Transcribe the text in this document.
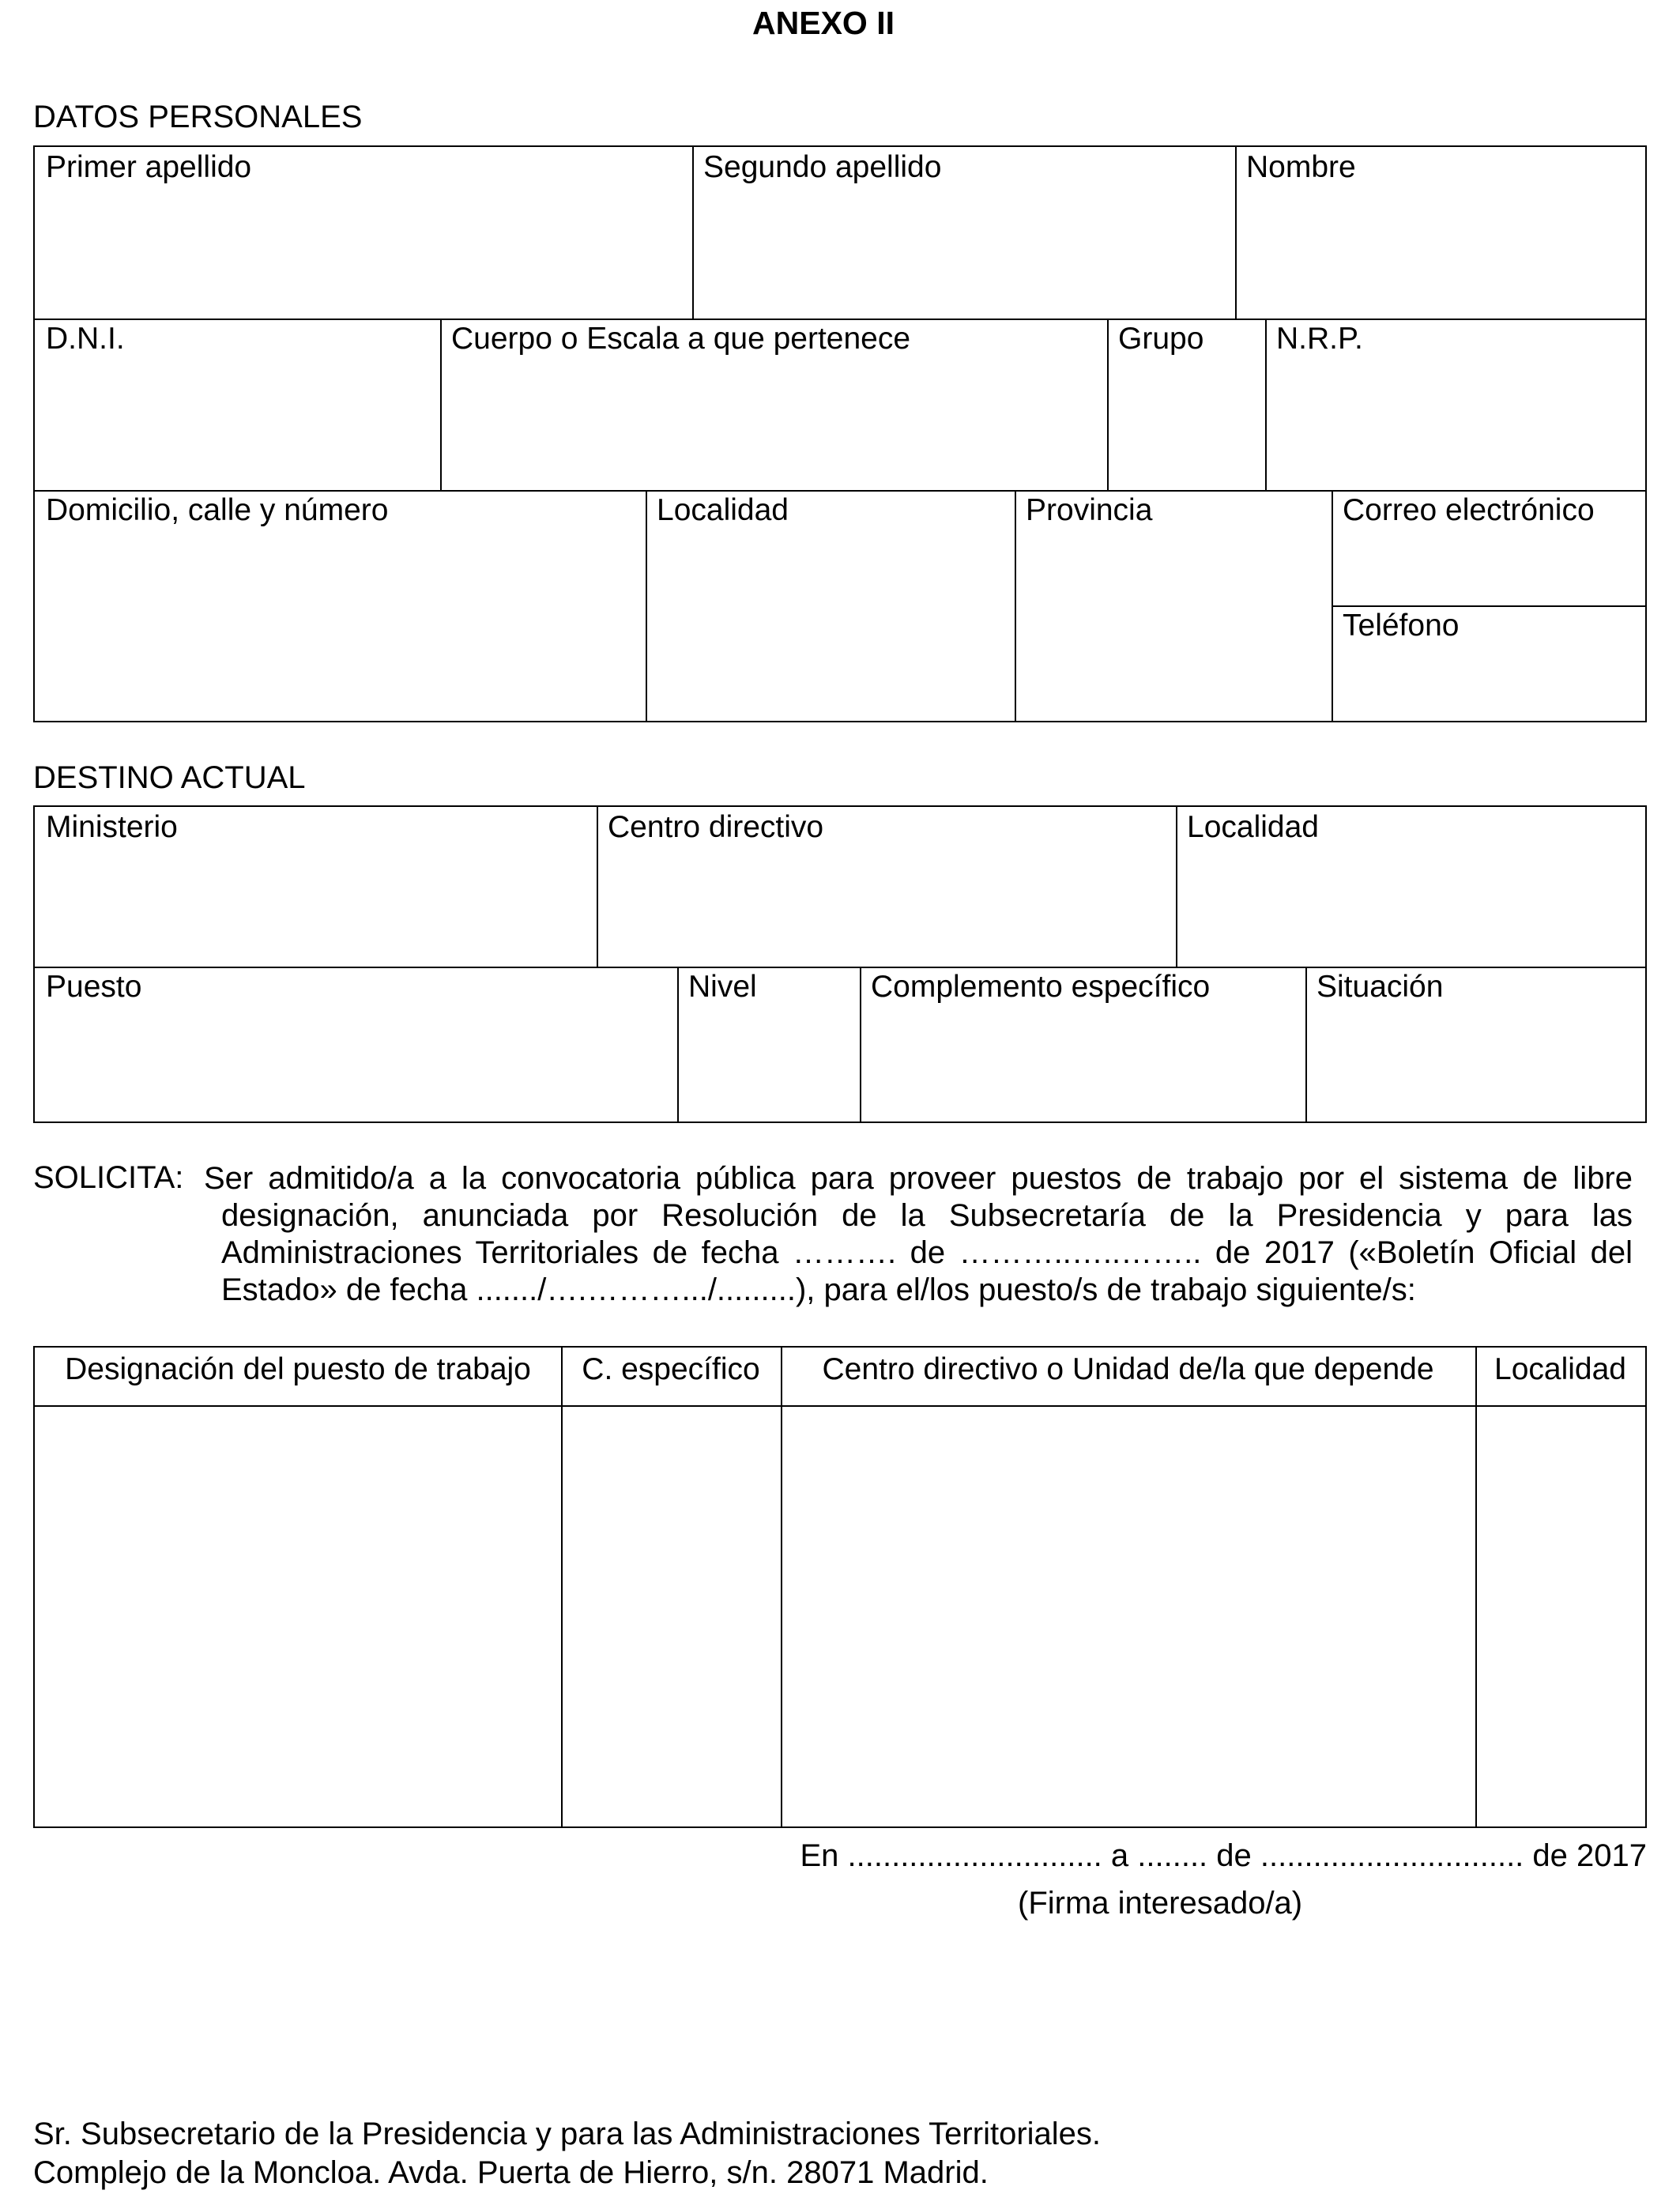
ANEXO II
DATOS PERSONALES
Primer apellido	Segundo apellido	Nombre
D.N.I.	Cuerpo o Escala a que pertenece	Grupo	N.R.P.
Domicilio, calle y número	Localidad	Provincia	Correo electrónico
Teléfono
DESTINO ACTUAL
Ministerio	Centro directivo	Localidad
Puesto	Nivel	Complemento específico	Situación
SOLICITA: Ser admitido/a a la convocatoria pública para proveer puestos de trabajo por el sistema de libre
designación, anunciada por Resolución de la Subsecretaría de la Presidencia y para las
Administraciones Territoriales de fecha ………. de ………..…..…….. de 2017 («Boletín Oficial del
Estado» de fecha ......./….……….../.........), para el/los puesto/s de trabajo siguiente/s:
Designación del puesto de trabajo	C. específico	Centro directivo o Unidad de/la que depende	Localidad
En ............................. a ........ de .............................. de 2017
(Firma interesado/a)
Sr. Subsecretario de la Presidencia y para las Administraciones Territoriales.
Complejo de la Moncloa. Avda. Puerta de Hierro, s/n. 28071 Madrid.
